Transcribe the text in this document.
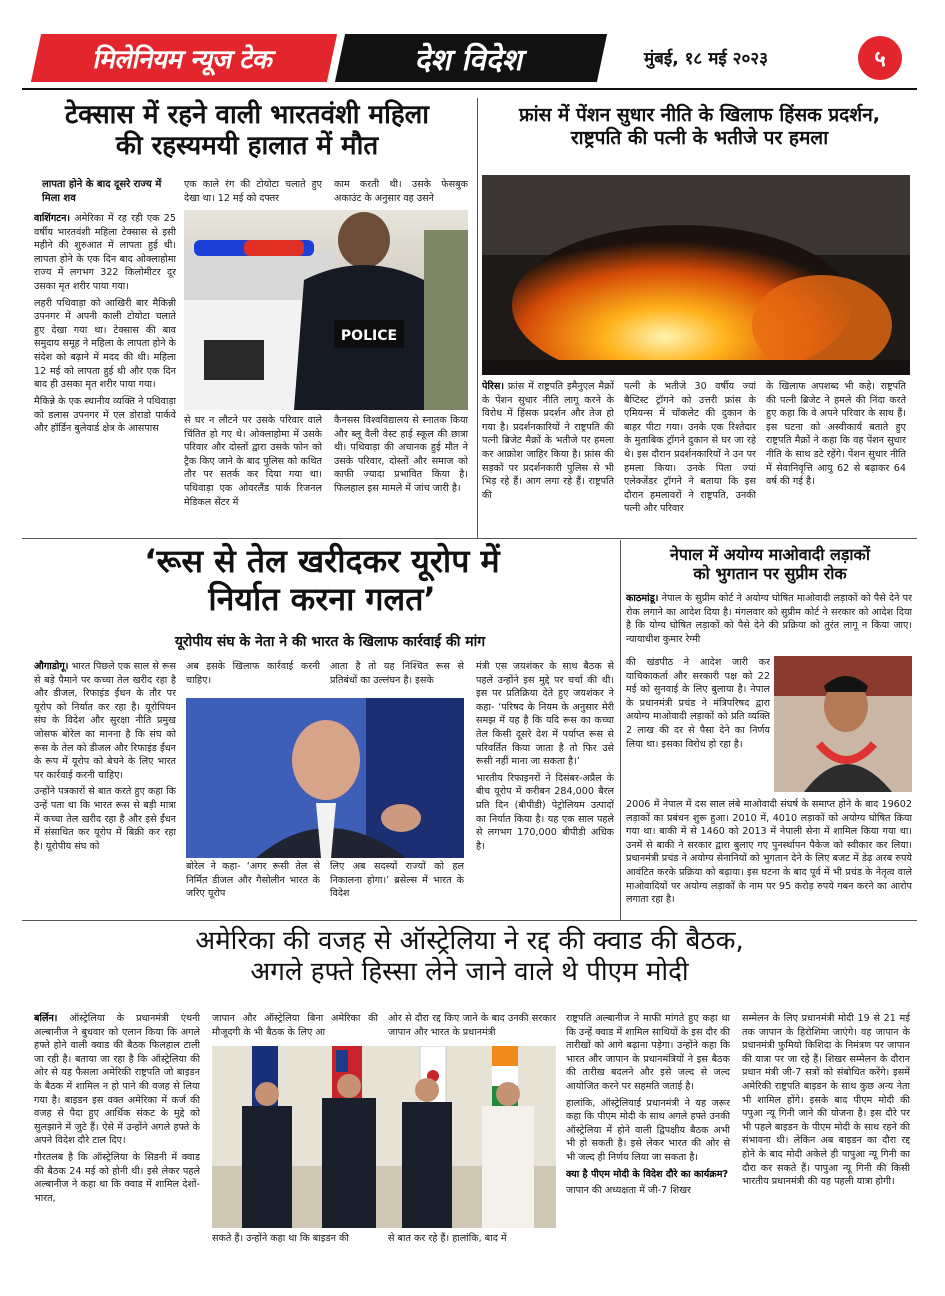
मिलेनियम न्यूज टेक	देश विदेश	मुंबई, १८ मई २०२३	५
टेक्सास में रहने वाली भारतवंशी महिला
की रहस्यमयी हालात में मौत
लापता होने के बाद दूसरे राज्य में मिला शव

वाशिंगटन। अमेरिका में रह रही एक 25 वर्षीय भारतवंशी महिला टेक्सास से इसी महीने की शुरुआत में लापता हुई थी। लापता होने के एक दिन बाद ओक्लाहोमा राज्य में लगभग 322 किलोमीटर दूर उसका मृत शरीर पाया गया।

लहरी पथिवाड़ा को आखिरी बार मैकिन्नी उपनगर में अपनी काली टोयोटा चलाते हुए देखा गया था। टेक्सास की बाव समुदाय समूह ने महिला के लापता होने के संदेश को बढ़ाने में मदद की थी। महिला 12 मई को लापता हुई थी और एक दिन बाद ही उसका मृत शरीर पाया गया।

मैकिन्ने के एक स्थानीय व्यक्ति ने पथिवाड़ा को डलास उपनगर में एल डोराडो पार्कवे और हॉर्डिन बुलेवार्ड क्षेत्र के आसपास

एक काले रंग की टोयोटा चलाते हुए देखा था। 12 मई को दफ्तर
काम करती थी। उसके फेसबुक अकाउंट के अनुसार वह उसने
POLICE
से घर न लौटने पर उसके परिवार वाले चिंतित हो गए थे। ओक्लाहोमा में उसके परिवार और दोस्तों द्वारा उसके फोन को ट्रैक किए जाने के बाद पुलिस को कथित तौर पर सतर्क कर दिया गया था। पथिवाड़ा एक ओवरलैंड पार्क रिजनल मेडिकल सेंटर में
कैनसस विश्वविद्यालय से स्नातक किया और ब्लू वैली वेस्ट हाई स्कूल की छात्रा थी। पथिवाड़ा की अचानक हुई मौत ने उसके परिवार, दोस्तों और समाज को काफी ज्यादा प्रभावित किया है। फिलहाल इस मामले में जांच जारी है।
फ्रांस में पेंशन सुधार नीति के खिलाफ हिंसक प्रदर्शन,
राष्ट्रपति की पत्नी के भतीजे पर हमला

पेरिस। फ्रांस में राष्ट्रपति इमैनुएल मैक्रों के पेंशन सुधार नीति लागू करने के विरोध में हिंसक प्रदर्शन और तेज हो गया है। प्रदर्शनकारियों ने राष्ट्रपति की पत्नी ब्रिजेट मैक्रों के भतीजे पर हमला कर आक्रोश जाहिर किया है। फ्रांस की सड़कों पर प्रदर्शनकारी पुलिस से भी भिड़ रहे हैं। आग लगा रहे हैं। राष्ट्रपति की

पत्नी के भतीजे 30 वर्षीय ज्यां बैप्टिस्ट ट्रॉगने को उत्तरी फ्रांस के एमियन्स में चॉकलेट की दुकान के बाहर पीटा गया। उनके एक रिश्तेदार के मुताबिक ट्रॉगने दुकान से घर जा रहे थे। इस दौरान प्रदर्शनकारियों ने उन पर हमला किया। उनके पिता ज्यां एलेक्जेंडर ट्रॉगने ने बताया कि इस दौरान हमलावरों ने राष्ट्रपति, उनकी पत्नी और परिवार
के खिलाफ अपशब्द भी कहे। राष्ट्रपति की पत्नी ब्रिजेट ने हमले की निंदा करते हुए कहा कि वे अपने परिवार के साथ हैं। इस घटना को अस्वीकार्य बताते हुए राष्ट्रपति मैक्रों ने कहा कि वह पेंशन सुधार नीति के साथ डटे रहेंगे। पेंशन सुधार नीति में सेवानिवृत्ति आयु 62 से बढ़ाकर 64 वर्ष की गई है।
‘रूस से तेल खरीदकर यूरोप में
निर्यात करना गलत’
यूरोपीय संघ के नेता ने की भारत के खिलाफ कार्रवाई की मांग

औगाडोगू। भारत पिछले एक साल से रूस से बड़े पैमाने पर कच्चा तेल खरीद रहा है और डीजल, रिफाइंड ईंधन के तौर पर यूरोप को निर्यात कर रहा है। यूरोपियन संघ के विदेश और सुरक्षा नीति प्रमुख जोसफ बोरेल का मानना है कि संघ को रूस के तेल को डीजल और रिफाइंड ईंधन के रूप में यूरोप को बेचने के लिए भारत पर कार्रवाई करनी चाहिए।

उन्होंने पत्रकारों से बात करते हुए कहा कि उन्हें पता था कि भारत रूस से बड़ी मात्रा में कच्चा तेल खरीद रहा है और इसे ईंधन में संसाधित कर यूरोप में बिक्री कर रहा है। यूरोपीय संघ को

अब इसके खिलाफ कार्रवाई करनी चाहिए।
आता है तो यह निश्चित रूस से प्रतिबंधों का उल्लंघन है। इसके
बोरेल ने कहा- ‘अगर रूसी तेल से निर्मित डीजल और गैसोलीन भारत के जरिए यूरोप
लिए अब सदस्यों राज्यों को हल निकालना होगा।’ ब्रसेल्स में भारत के विदेश

मंत्री एस जयशंकर के साथ बैठक से पहले उन्होंने इस मुद्दे पर चर्चा की थी। इस पर प्रतिक्रिया देते हुए जयशंकर ने कहा- ‘परिषद के नियम के अनुसार मेरी समझ में यह है कि यदि रूस का कच्चा तेल किसी दूसरे देश में पर्याप्त रूस से परिवर्तित किया जाता है तो फिर उसे रूसी नहीं माना जा सकता है।’

भारतीय रिफाइनरों ने दिसंबर-अप्रैल के बीच यूरोप में करीबन 284,000 बैरल प्रति दिन (बीपीडी) पेट्रोलियम उत्पादों का निर्यात किया है। यह एक साल पहले से लगभग 170,000 बीपीडी अधिक है।

नेपाल में अयोग्य माओवादी लड़ाकों
को भुगतान पर सुप्रीम रोक

काठमांडू। नेपाल के सुप्रीम कोर्ट ने अयोग्य घोषित माओवादी लड़ाकों को पैसे देने पर रोक लगाने का आदेश दिया है। मंगलवार को सुप्रीम कोर्ट ने सरकार को आदेश दिया है कि योग्य घोषित लड़ाकों को पैसे देने की प्रक्रिया को तुरंत लागू न किया जाए। न्यायाधीश कुमार रेग्मी

की खंडपीठ ने आदेश जारी कर याचिकाकर्ता और सरकारी पक्ष को 22 मई को सुनवाई के लिए बुलाया है। नेपाल के प्रधानमंत्री प्रचंड ने मंत्रिपरिषद द्वारा अयोग्य माओवादी लड़ाकों को प्रति व्यक्ति 2 लाख की दर से पैसा देने का निर्णय लिया था। इसका विरोध हो रहा है।
2006 में नेपाल में दस साल लंबे माओवादी संघर्ष के समाप्त होने के बाद 19602 लड़ाकों का प्रबंधन शुरू हुआ। 2010 में, 4010 लड़ाकों को अयोग्य घोषित किया गया था। बाकी में से 1460 को 2013 में नेपाली सेना में शामिल किया गया था। उनमें से बाकी ने सरकार द्वारा बुलाए गए पुनर्स्थापन पैकेज को स्वीकार कर लिया। प्रधानमंत्री प्रचंड ने अयोग्य सेनानियों को भुगतान देने के लिए बजट में डेढ़ अरब रुपये आवंटित करके प्रक्रिया को बढ़ाया। इस घटना के बाद पूर्व में भी प्रचंड के नेतृत्व वाले माओवादियों पर अयोग्य लड़ाकों के नाम पर 95 करोड़ रुपये गबन करने का आरोप लगाता रहा है।
अमेरिका की वजह से ऑस्ट्रेलिया ने रद्द की क्वाड की बैठक,
अगले हफ्ते हिस्सा लेने जाने वाले थे पीएम मोदी

बर्लिन। ऑस्ट्रेलिया के प्रधानमंत्री एंथनी अल्बानीज ने बुधवार को एलान किया कि अगले हफ्ते होने वाली क्वाड की बैठक फिलहाल टाली जा रही है। बताया जा रहा है कि ऑस्ट्रेलिया की ओर से यह फैसला अमेरिकी राष्ट्रपति जो बाइडन के बैठक में शामिल न हो पाने की वजह से लिया गया है। बाइडन इस वक्त अमेरिका में कर्ज की वजह से पैदा हुए आर्थिक संकट के मुद्दे को सुलझाने में जुटे हैं। ऐसे में उन्होंने अगले हफ्ते के अपने विदेश दौरे टाल दिए।

गौरतलब है कि ऑस्ट्रेलिया के सिडनी में क्वाड की बैठक 24 मई को होनी थी। इसे लेकर पहले अल्बानीज ने कहा था कि क्वाड में शामिल देशों- भारत,

जापान और ऑस्ट्रेलिया बिना अमेरिका की मौजूदगी के भी बैठक के लिए आ
ओर से दौरा रद्द किए जाने के बाद उनकी सरकार जापान और भारत के प्रधानमंत्री
सकते हैं। उन्होंने कहा था कि बाइडन की	से बात कर रहे हैं। हालांकि, बाद में

राष्ट्रपति अल्बानीज ने माफी मांगते हुए कहा था कि उन्हें क्वाड में शामिल साथियों के इस दौर की तारीखों को आगे बढ़ाना पड़ेगा। उन्होंने कहा कि भारत और जापान के प्रधानमंत्रियों ने इस बैठक की तारीख बदलने और इसे जल्द से जल्द आयोजित करने पर सहमति जताई है।

हालांकि, ऑस्ट्रेलियाई प्रधानमंत्री ने यह जरूर कहा कि पीएम मोदी के साथ अगले हफ्ते उनकी ऑस्ट्रेलिया में होने वाली द्विपक्षीय बैठक अभी भी हो सकती है। इसे लेकर भारत की ओर से भी जल्द ही निर्णय लिया जा सकता है।

क्या है पीएम मोदी के विदेश दौरे का कार्यक्रम?

जापान की अध्यक्षता में जी-7 शिखर

सम्मेलन के लिए प्रधानमंत्री मोदी 19 से 21 मई तक जापान के हिरोशिमा जाएंगे। वह जापान के प्रधानमंत्री फुमियो किशिदा के निमंत्रण पर जापान की यात्रा पर जा रहे हैं। शिखर सम्मेलन के दौरान प्रधान मंत्री जी-7 सत्रों को संबोधित करेंगे। इसमें अमेरिकी राष्ट्रपति बाइडन के साथ कुछ अन्य नेता भी शामिल होंगे। इसके बाद पीएम मोदी की पपुआ न्यू गिनी जाने की योजना है। इस दौरे पर भी पहले बाइडन के पीएम मोदी के साथ रहने की संभावना थी। लेकिन अब बाइडन का दौरा रद्द होने के बाद मोदी अकेले ही पापुआ न्यू गिनी का दौरा कर सकते हैं। पापुआ न्यू गिनी की किसी भारतीय प्रधानमंत्री की यह पहली यात्रा होगी।
